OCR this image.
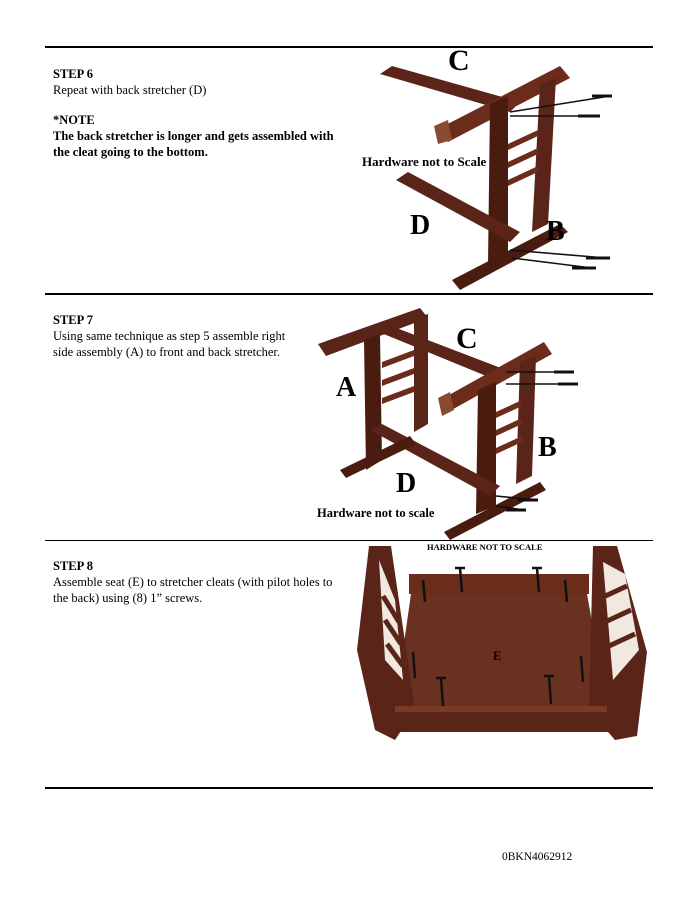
STEP 6
Repeat with back stretcher (D)
*NOTE
The back stretcher is longer and gets assembled with the cleat going to the bottom.
C
Hardware not to Scale
D	B
STEP 7
Using same technique as step 5 assemble right side assembly (A) to front and back stretcher.	C
A
B
D
Hardware not to scale
STEP 8
Assemble seat (E) to stretcher cleats (with pilot holes to the back) using (8) 1” screws.
HARDWARE NOT TO SCALE
E
0BKN4062912
